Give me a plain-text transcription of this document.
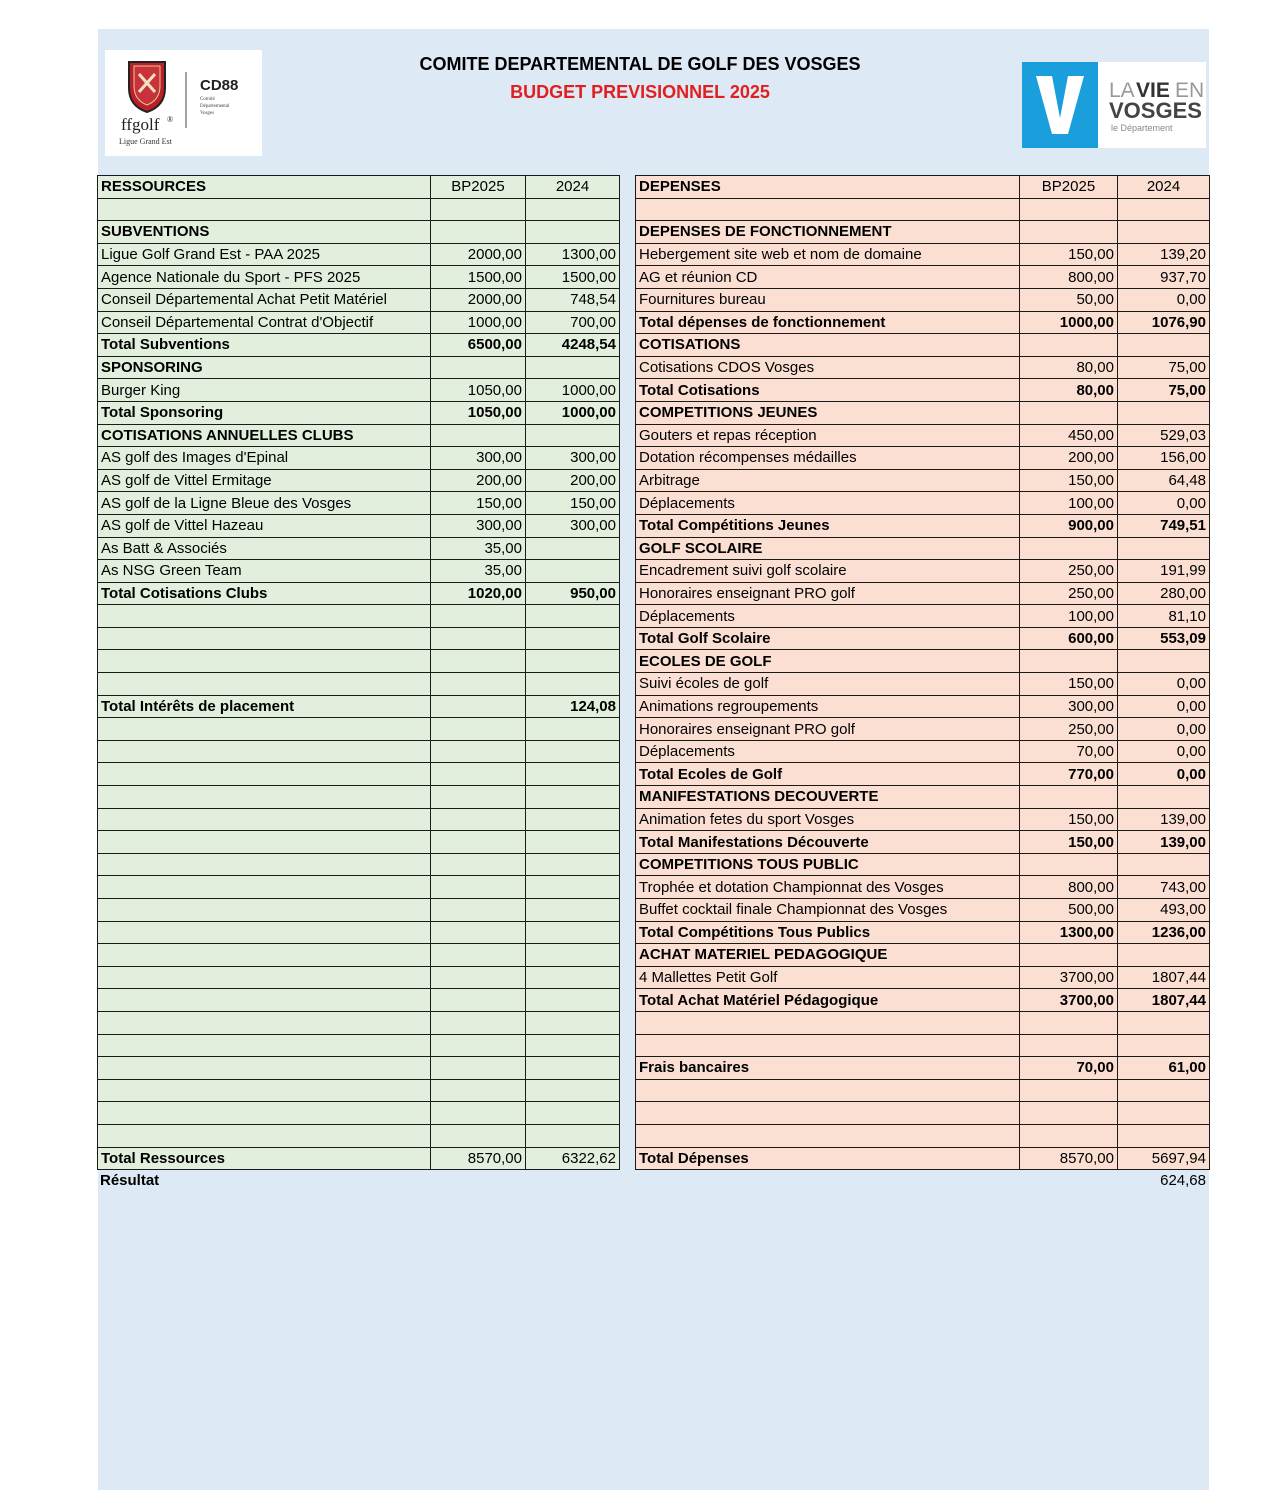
ffgolf ®
Ligue Grand Est
CD88
Comité
Départemental
Vosges
LA VIE EN
VOSGES
le Département
COMITE DEPARTEMENTAL DE GOLF DES VOSGES
BUDGET PREVISIONNEL 2025
RESSOURCES	BP2025	2024

SUBVENTIONS		
Ligue Golf Grand Est - PAA 2025	2000,00	1300,00
Agence Nationale du Sport - PFS 2025	1500,00	1500,00
Conseil Départemental Achat Petit Matériel	2000,00	748,54
Conseil Départemental Contrat d'Objectif	1000,00	700,00
Total Subventions	6500,00	4248,54
SPONSORING		
Burger King	1050,00	1000,00
Total Sponsoring	1050,00	1000,00
COTISATIONS ANNUELLES CLUBS		
AS golf des Images d'Epinal	300,00	300,00
AS golf de Vittel Ermitage	200,00	200,00
AS golf de la Ligne Bleue des Vosges	150,00	150,00
AS golf de Vittel Hazeau	300,00	300,00
As Batt & Associés	35,00	
As NSG Green Team	35,00	
Total Cotisations Clubs	1020,00	950,00

Total Intérêts de placement		124,08

Total Ressources	8570,00	6322,62
DEPENSES	BP2025	2024

DEPENSES DE FONCTIONNEMENT		
Hebergement site web et nom de domaine	150,00	139,20
AG et réunion CD	800,00	937,70
Fournitures bureau	50,00	0,00
Total dépenses de fonctionnement	1000,00	1076,90
COTISATIONS		
Cotisations CDOS Vosges	80,00	75,00
Total Cotisations	80,00	75,00
COMPETITIONS JEUNES		
Gouters et repas réception	450,00	529,03
Dotation récompenses médailles	200,00	156,00
Arbitrage	150,00	64,48
Déplacements	100,00	0,00
Total Compétitions Jeunes	900,00	749,51
GOLF SCOLAIRE		
Encadrement suivi golf scolaire	250,00	191,99
Honoraires enseignant PRO golf	250,00	280,00
Déplacements	100,00	81,10
Total Golf Scolaire	600,00	553,09
ECOLES DE GOLF		
Suivi écoles de golf	150,00	0,00
Animations regroupements	300,00	0,00
Honoraires enseignant PRO golf	250,00	0,00
Déplacements	70,00	0,00
Total Ecoles de Golf	770,00	0,00
MANIFESTATIONS DECOUVERTE		
Animation fetes du sport Vosges	150,00	139,00
Total Manifestations Découverte	150,00	139,00
COMPETITIONS TOUS PUBLIC		
Trophée et dotation Championnat des Vosges	800,00	743,00
Buffet cocktail finale Championnat des Vosges	500,00	493,00
Total Compétitions Tous Publics	1300,00	1236,00
ACHAT MATERIEL PEDAGOGIQUE		
4 Mallettes Petit Golf	3700,00	1807,44
Total Achat Matériel Pédagogique	3700,00	1807,44

Frais bancaires	70,00	61,00

Total Dépenses	8570,00	5697,94
Résultat	624,68
